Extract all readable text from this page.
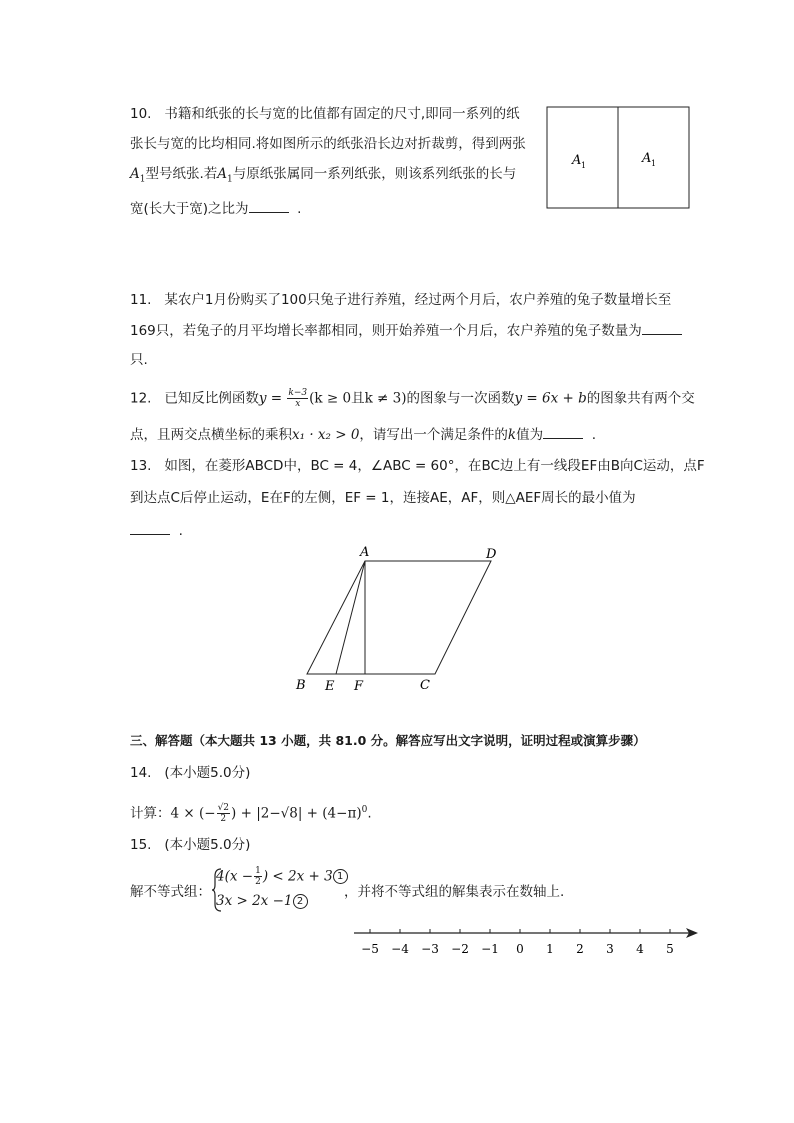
10. 书籍和纸张的长与宽的比值都有固定的尺寸,即同一系列的纸
张长与宽的比均相同.将如图所示的纸张沿长边对折裁剪，得到两张
$A_1$型号纸张.若$A_1$与原纸张属同一系列纸张，则该系列纸张的长与
宽(长大于宽)之比为	.
A 1	A 1
11. 某农户1月份购买了100只兔子进行养殖，经过两个月后，农户养殖的兔子数量增长至
169只，若兔子的月平均增长率都相同，则开始养殖一个月后，农户养殖的兔子数量为
只.
12. 已知反比例函数$y = \frac{k-3}{x} (k \ge 0$且k ≠ 3)的图象与一次函数y = 6x + b的图象共有两个交
点，且两交点横坐标的乘积x₁ · x₂ > 0，请写出一个满足条件的k值为	.
13. 如图，在菱形ABCD中，BC = 4，∠ABC = 60°，在BC边上有一线段EF由B向C运动，点F
到达点C后停止运动，E在F的左侧，EF = 1，连接AE，AF，则△AEF周长的最小值为
.
A	D
B E F	C
三、解答题（本大题共 13 小题，共 81.0 分。解答应写出文字说明，证明过程或演算步骤）
14. (本小题5.0分)
计算：4 × (− $\frac{√2}{2}$ ) + $|2-√8| + (4-\pi)^0$.
15. (本小题5.0分)
解不等式组：
$4(x - \frac{1}{2}$ ) < 2x + 3 1
3x > 2x −1 2
，并将不等式组的解集表示在数轴上.
−5 −4 −3 −2 −1 0 1 2 3 4 5
